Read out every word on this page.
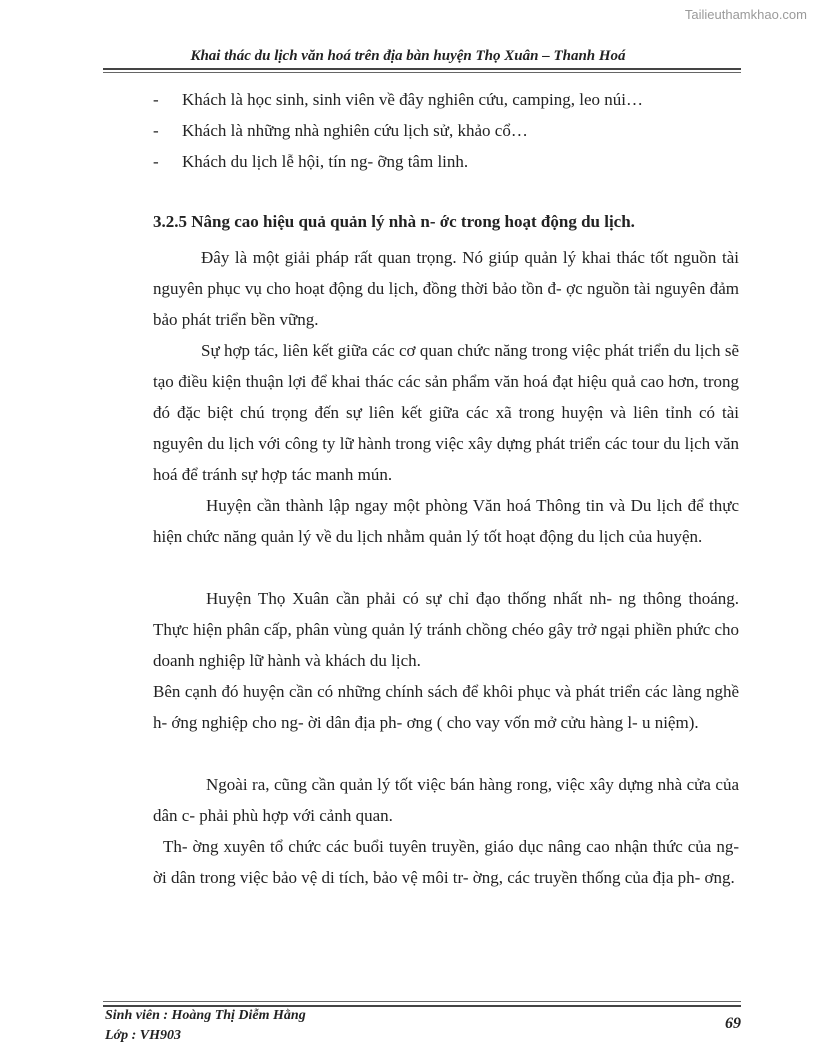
Tailieuthamkhao.com
Khai thác du lịch văn hoá trên địa bàn huyện Thọ Xuân – Thanh Hoá
- Khách là học sinh, sinh viên về đây nghiên cứu, camping, leo núi…
- Khách là những nhà nghiên cứu lịch sử, khảo cổ…
- Khách du lịch lễ hội, tín ng- ỡng tâm linh.
3.2.5 Nâng cao hiệu quả quản lý nhà n- ớc trong hoạt động du lịch.

Đây là một giải pháp rất quan trọng. Nó giúp quản lý khai thác tốt nguồn tài nguyên phục vụ cho hoạt động du lịch, đồng thời bảo tồn đ- ợc nguồn tài nguyên đảm bảo phát triển bền vững.

Sự hợp tác, liên kết giữa các cơ quan chức năng trong việc phát triển du lịch sẽ tạo điều kiện thuận lợi để khai thác các sản phẩm văn hoá đạt hiệu quả cao hơn, trong đó đặc biệt chú trọng đến sự liên kết giữa các xã trong huyện và liên tỉnh có tài nguyên du lịch với công ty lữ hành trong việc xây dựng phát triển các tour du lịch văn hoá để tránh sự hợp tác manh mún.

Huyện cần thành lập ngay một phòng Văn hoá Thông tin và Du lịch để thực hiện chức năng quản lý về du lịch nhằm quản lý tốt hoạt động du lịch của huyện.

Huyện Thọ Xuân cần phải có sự chỉ đạo thống nhất nh- ng thông thoáng. Thực hiện phân cấp, phân vùng quản lý tránh chồng chéo gây trở ngại phiền phức cho doanh nghiệp lữ hành và khách du lịch.

Bên cạnh đó huyện cần có những chính sách để khôi phục và phát triển các làng nghề h- ớng nghiệp cho ng- ời dân địa ph- ơng ( cho vay vốn mở cửu hàng l- u niệm).

Ngoài ra, cũng cần quản lý tốt việc bán hàng rong, việc xây dựng nhà cửa của dân c- phải phù hợp với cảnh quan.

Th- ờng xuyên tổ chức các buổi tuyên truyền, giáo dục nâng cao nhận thức của ng- ời dân trong việc bảo vệ di tích, bảo vệ môi tr- ờng, các truyền thống của địa ph- ơng.

Sinh viên : Hoàng Thị Diễm Hằng
Lớp : VH903
69
